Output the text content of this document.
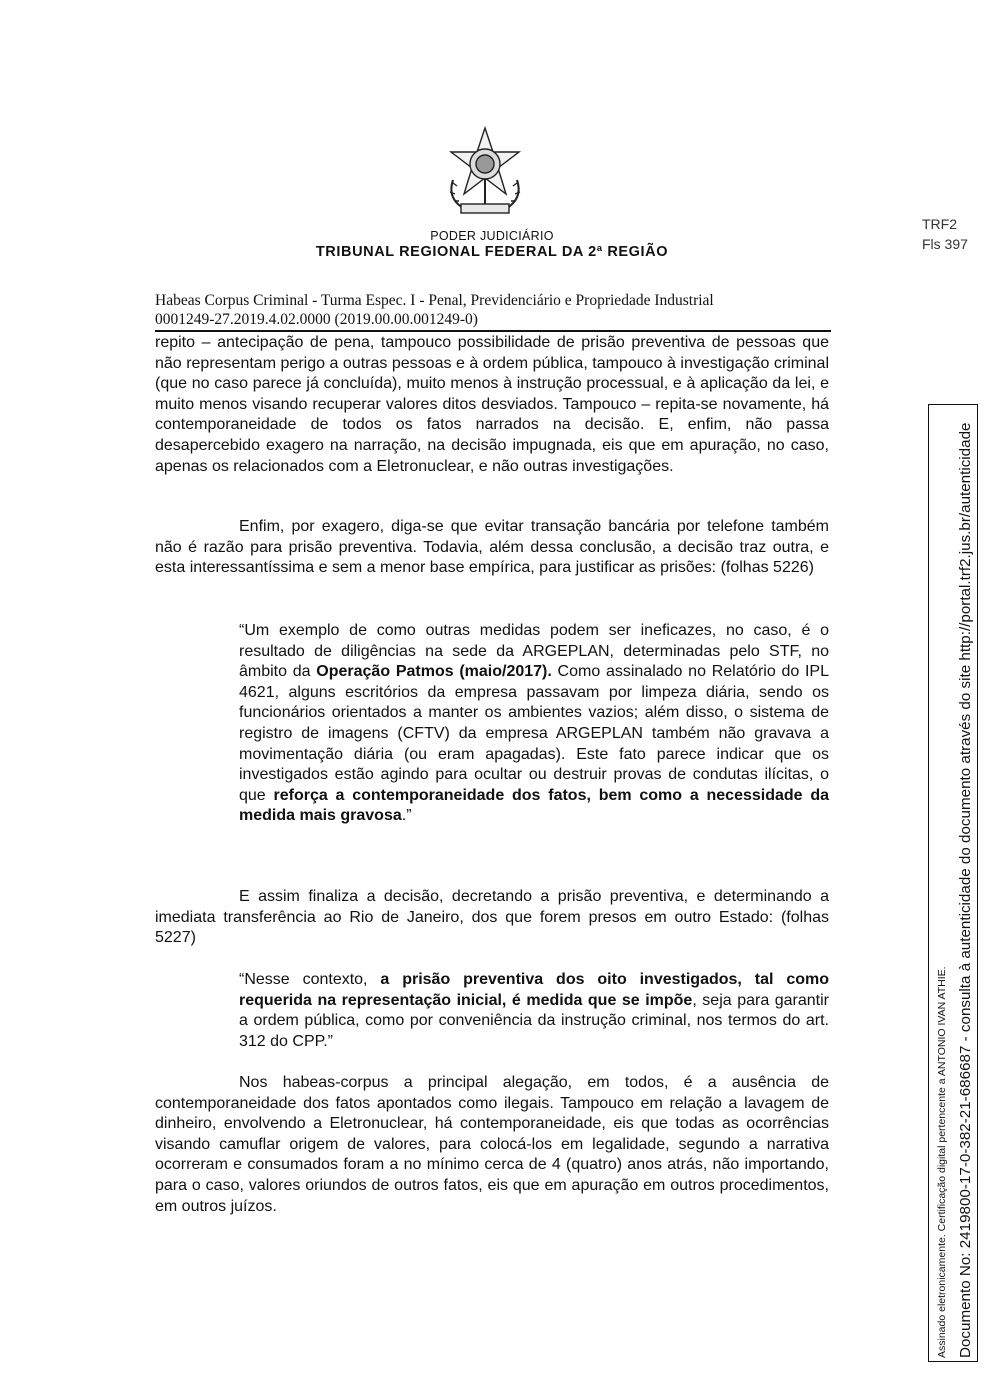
PODER JUDICIÁRIO
TRIBUNAL REGIONAL FEDERAL DA 2ª REGIÃO
TRF2
Fls 397
Habeas Corpus Criminal - Turma Espec. I - Penal, Previdenciário e Propriedade Industrial
0001249-27.2019.4.02.0000 (2019.00.00.001249-0)

repito – antecipação de pena, tampouco possibilidade de prisão preventiva de pessoas que não representam perigo a outras pessoas e à ordem pública, tampouco à investigação criminal (que no caso parece já concluída), muito menos à instrução processual, e à aplicação da lei, e muito menos visando recuperar valores ditos desviados. Tampouco – repita-se novamente, há contemporaneidade de todos os fatos narrados na decisão. E, enfim, não passa desapercebido exagero na narração, na decisão impugnada, eis que em apuração, no caso, apenas os relacionados com a Eletronuclear, e não outras investigações.

Enfim, por exagero, diga-se que evitar transação bancária por telefone também não é razão para prisão preventiva. Todavia, além dessa conclusão, a decisão traz outra, e esta interessantíssima e sem a menor base empírica, para justificar as prisões: (folhas 5226)

“Um exemplo de como outras medidas podem ser ineficazes, no caso, é o resultado de diligências na sede da ARGEPLAN, determinadas pelo STF, no âmbito da Operação Patmos (maio/2017). Como assinalado no Relatório do IPL 4621, alguns escritórios da empresa passavam por limpeza diária, sendo os funcionários orientados a manter os ambientes vazios; além disso, o sistema de registro de imagens (CFTV) da empresa ARGEPLAN também não gravava a movimentação diária (ou eram apagadas). Este fato parece indicar que os investigados estão agindo para ocultar ou destruir provas de condutas ilícitas, o que reforça a contemporaneidade dos fatos, bem como a necessidade da medida mais gravosa.”

E assim finaliza a decisão, decretando a prisão preventiva, e determinando a imediata transferência ao Rio de Janeiro, dos que forem presos em outro Estado: (folhas 5227)

“Nesse contexto, a prisão preventiva dos oito investigados, tal como requerida na representação inicial, é medida que se impõe, seja para garantir a ordem pública, como por conveniência da instrução criminal, nos termos do art. 312 do CPP.”

Nos habeas-corpus a principal alegação, em todos, é a ausência de contemporaneidade dos fatos apontados como ilegais. Tampouco em relação a lavagem de dinheiro, envolvendo a Eletronuclear, há contemporaneidade, eis que todas as ocorrências visando camuflar origem de valores, para colocá-los em legalidade, segundo a narrativa ocorreram e consumados foram a no mínimo cerca de 4 (quatro) anos atrás, não importando, para o caso, valores oriundos de outros fatos, eis que em apuração em outros procedimentos, em outros juízos.	Assinado eletronicamente. Certificação digital pertencente a ANTONIO IVAN ATHIE. Documento No: 2419800-17-0-382-21-686687 - consulta à autenticidade do documento através do site http://portal.trf2.jus.br/autenticidade
